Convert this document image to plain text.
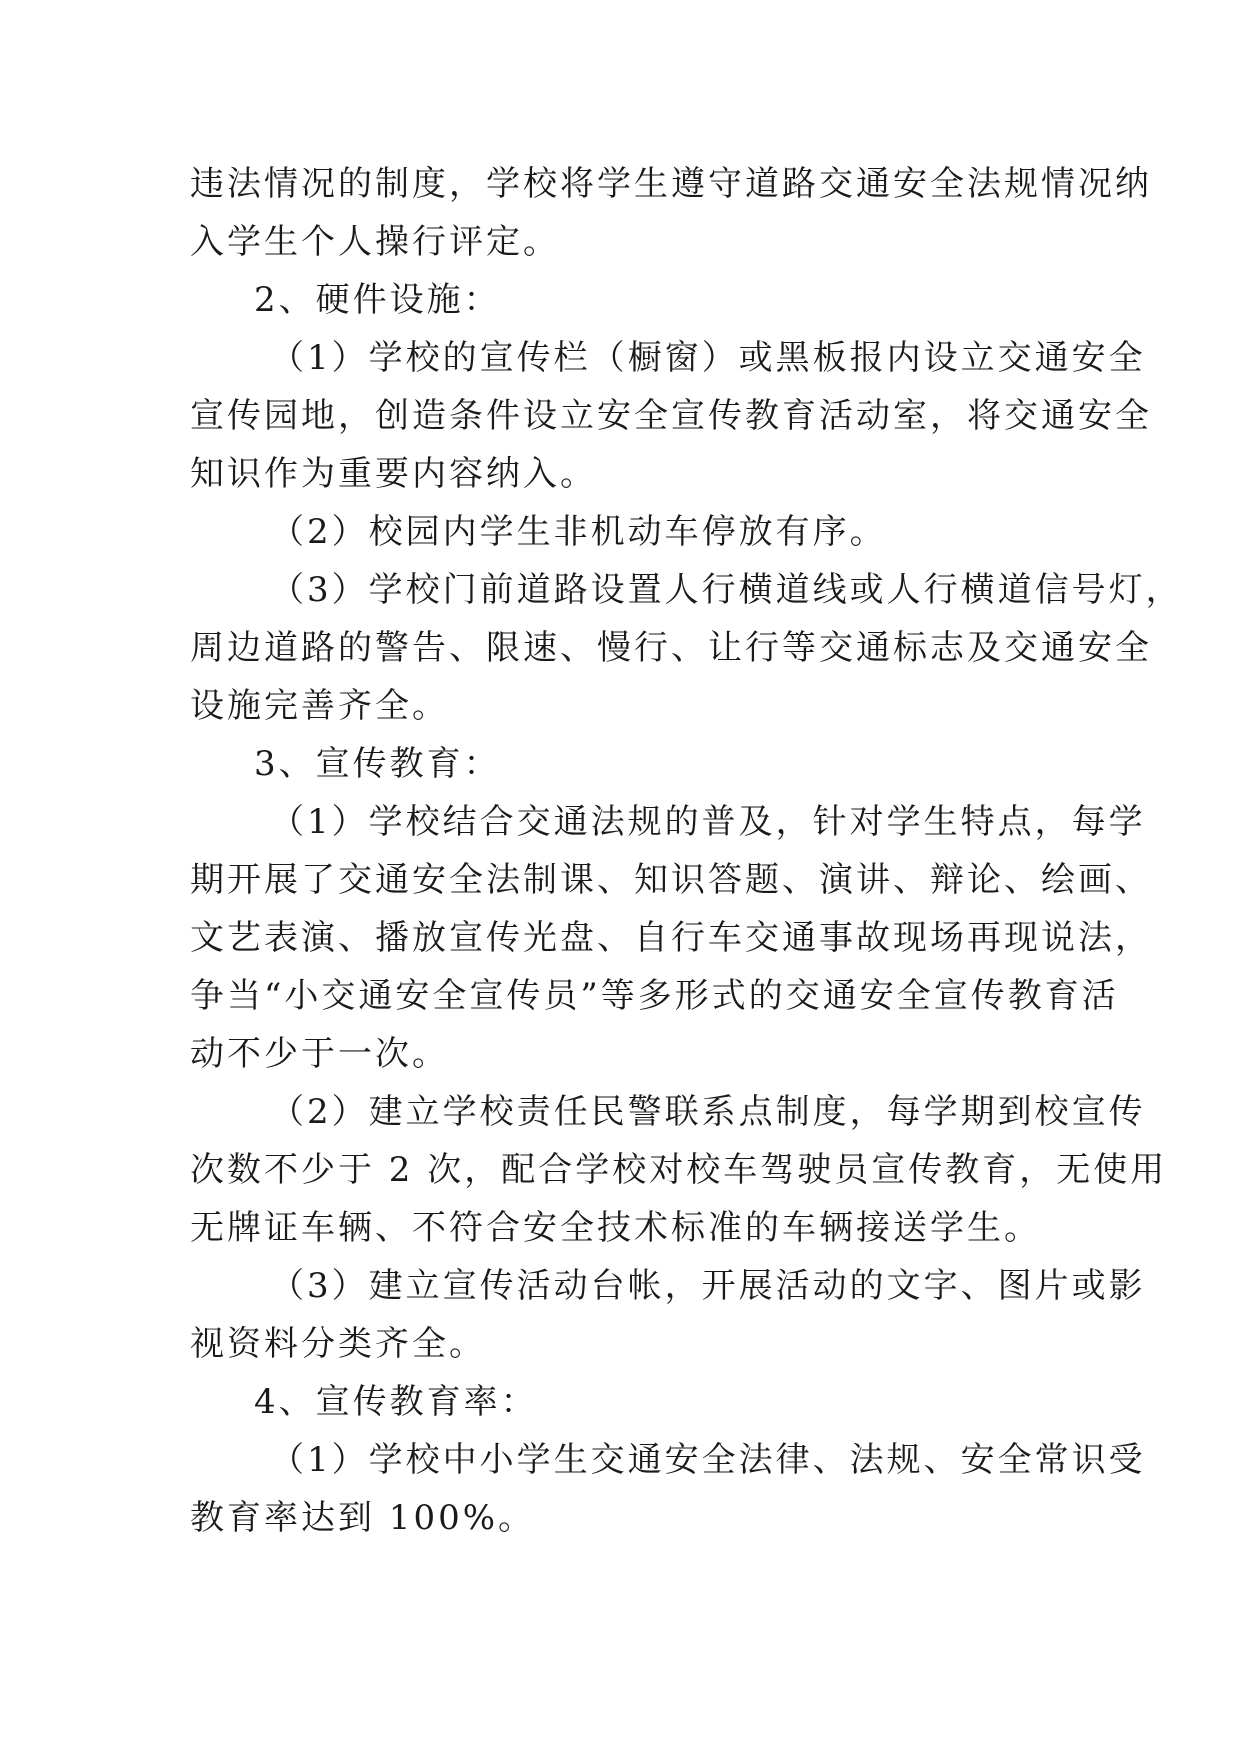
违法情况的制度，学校将学生遵守道路交通安全法规情况纳
入学生个人操行评定。
2、硬件设施：
（1）学校的宣传栏（橱窗）或黑板报内设立交通安全
宣传园地，创造条件设立安全宣传教育活动室，将交通安全
知识作为重要内容纳入。
（2）校园内学生非机动车停放有序。
（3）学校门前道路设置人行横道线或人行横道信号灯，
周边道路的警告、限速、慢行、让行等交通标志及交通安全
设施完善齐全。
3、宣传教育：
（1）学校结合交通法规的普及，针对学生特点，每学
期开展了交通安全法制课、知识答题、演讲、辩论、绘画、
文艺表演、播放宣传光盘、自行车交通事故现场再现说法，
争当“小交通安全宣传员”等多形式的交通安全宣传教育活
动不少于一次。
（2）建立学校责任民警联系点制度，每学期到校宣传
次数不少于 2 次，配合学校对校车驾驶员宣传教育，无使用
无牌证车辆、不符合安全技术标准的车辆接送学生。
（3）建立宣传活动台帐，开展活动的文字、图片或影
视资料分类齐全。
4、宣传教育率：
（1）学校中小学生交通安全法律、法规、安全常识受
教育率达到 100%。
